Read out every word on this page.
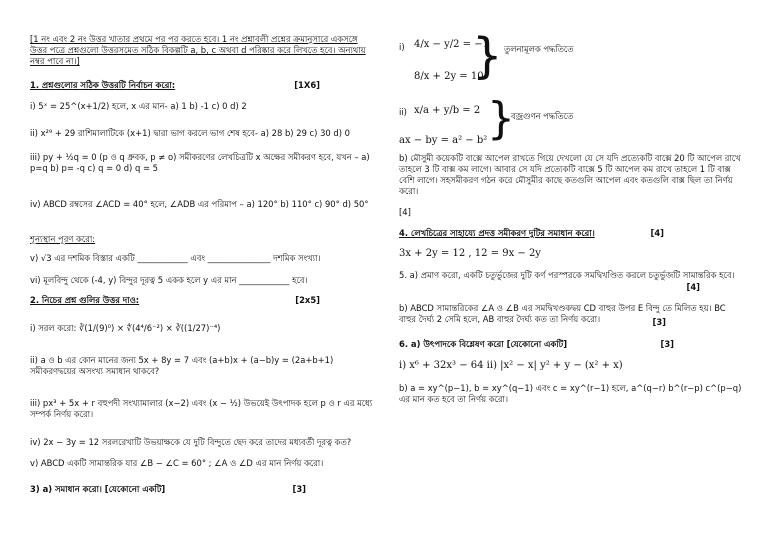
[1 নং এবং 2 নং উত্তর খাতার প্রথমে পর পর করতে হবে। 1 নং প্রশ্নাবলী প্রশ্নের ক্রমানুসারে একসঙ্গে উত্তর পত্রে প্রশ্নগুলো উত্তরসমেত সঠিক বিকল্পটি a, b, c অথবা d পরিষ্কার করে লিখতে হবে। অন্যথায় নম্বর পাবে না।]

1. প্রশ্নগুলোর সঠিক উত্তরটি নির্বাচন করো:	[1X6]

i) 5ˣ = 25^(x+1/2) হলে, x এর মান- a) 1 b) -1 c) 0 d) 2

ii) x²⁹ + 29 রাশিমালাটিকে (x+1) দ্বারা ভাগ করলে ভাগ শেষ হবে- a) 28 b) 29 c) 30 d) 0

iii) py + ½q = 0 (p ও q ধ্রুবক, p ≠ o) সমীকরণের লেখচিত্রটি x অক্ষের সমীকরণ হবে, যখন – a) p=q b) p= -q c) q = 0 d) q = 5

iv) ABCD রম্বসের ∠ACD = 40° হলে, ∠ADB এর পরিমাপ – a) 120° b) 110° c) 90° d) 50°

শূন্যস্থান পূরণ করো:

v) √3 এর দশমিক বিস্তার একটি ____________ এবং _______________ দশমিক সংখ্যা।

vi) মূলবিন্দু থেকে (-4, y) বিন্দুর দূরত্ব 5 একক হলে y এর মান ____________ হবে।

2. নিচের প্রশ্ন গুলির উত্তর দাও:	[2x5]

i) সরল করো: ∛(1/(9)⁰) × ∜(4⁴/6⁻²) × ∛((1/27)⁻⁴)

ii) a ও b এর কোন মানের জন্য 5x + 8y = 7 এবং (a+b)x + (a−b)y = (2a+b+1) সমীকরণদ্বয়ের অসংখ্য সমাধান থাকবে?

iii) px³ + 5x + r বহুপদী সংখ্যামালার (x−2) এবং (x − ½) উভয়েই উৎপাদক হলে p ও r এর মধ্যে সম্পর্ক নির্ণয় করো।

iv) 2x − 3y = 12 সরলরেখাটি উভয়াক্ষকে যে দুটি বিন্দুতে ছেদ করে তাদের মধ্যবর্তী দূরত্ব কত?

v) ABCD একটি সামান্তরিক যার ∠B − ∠C = 60° ; ∠A ও ∠D এর মান নির্ণয় করো।

3) a) সমাধান করো। [যেকোনো একটি]	[3]
i) 4/x − y/2 = −1
8/x + 2y = 10
} তুলনামূলক পদ্ধতিতে
ii) x/a + y/b = 2
ax − by = a² − b² }
বজ্রগুণন পদ্ধতিতে

b) মৌসুমী কয়েকটি বাক্সে আপেল রাখতে গিয়ে দেখলো যে সে যদি প্রত্যেকটি বাক্সে 20 টি আপেল রাখে তাহলে 3 টি বাক্স কম লাগে। আবার সে যদি প্রত্যেকটি বাক্সে 5 টি আপেল কম রাখে তাহলে 1 টি বাক্স বেশি লাগে। সহসমীকরণ গঠন করে মৌসুমীর কাছে কতগুলি আপেল এবং কতগুলি বাক্স ছিল তা নির্ণয় করো।

[4]

4. লেখচিত্রের সাহায্যে প্রদত্ত সমীকরণ দুটির সমাধান করো।	[4]

3x + 2y = 12 , 12 = 9x − 2y

5. a) প্রমাণ করো, একটি চতুর্ভুজের দুটি কর্ণ পরস্পরকে সমদ্বিখণ্ডিত করলে চতুর্ভুজটি সামান্তরিক হবে।

[4]

b) ABCD সামান্তরিকের ∠A ও ∠B এর সমদ্বিখণ্ডকদ্বয় CD বাহুর উপর E বিন্দু তে মিলিত হয়। BC বাহুর দৈর্ঘ্য 2 সেমি হলে, AB বাহুর দৈর্ঘ্য কত তা নির্ণয় করো।	[3]

6. a) উৎপাদকে বিশ্লেষণ করো [যেকোনো একটি]	[3]

i) x⁶ + 32x³ − 64 ii) |x² − x| y² + y − (x² + x)

b) a = xy^(p−1), b = xy^(q−1) এবং c = xy^(r−1) হলে, a^(q−r) b^(r−p) c^(p−q) এর মান কত হবে তা নির্ণয় করো।
